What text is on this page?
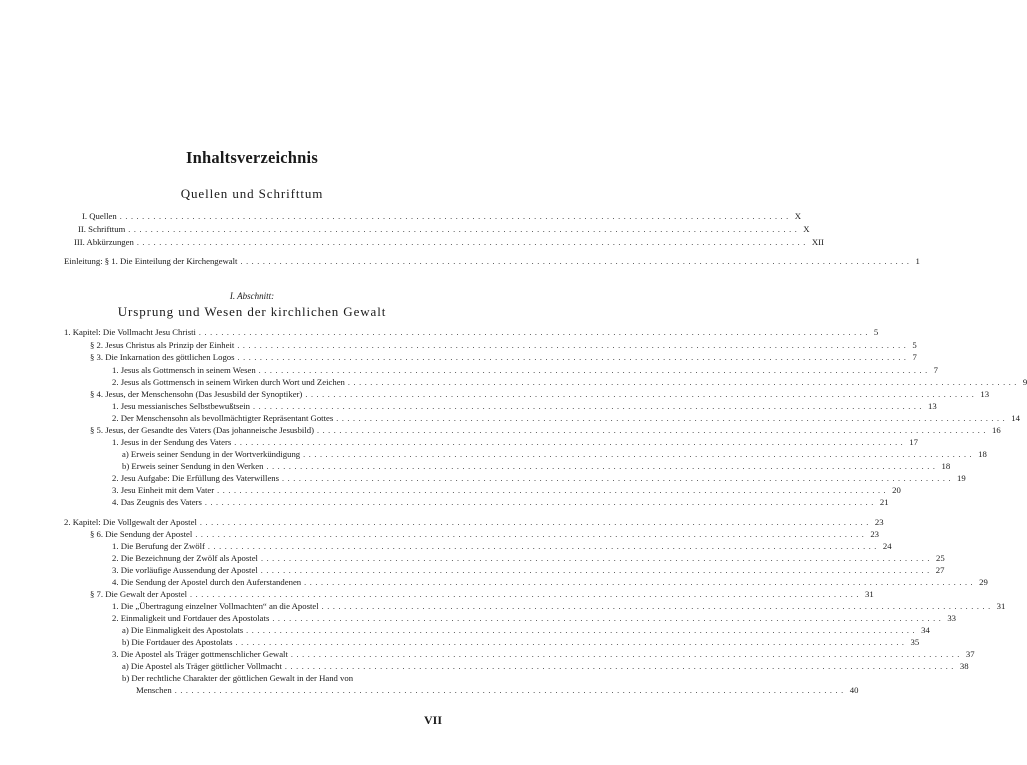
Inhaltsverzeichnis
Quellen und Schrifttum
I. Abschnitt:
Ursprung und Wesen der kirchlichen Gewalt
I. Quellen ........................................................................................................................ X
II. Schrifttum ........................................................................................................................ X
III. Abkürzungen ........................................................................................................................ XII
Einleitung: § 1. Die Einteilung der Kirchengewalt ........................................................................................................................ 1
1. Kapitel: Die Vollmacht Jesu Christi ........................................................................................................................ 5
§ 2. Jesus Christus als Prinzip der Einheit ........................................................................................................................ 5
§ 3. Die Inkarnation des göttlichen Logos ........................................................................................................................ 7
1. Jesus als Gottmensch in seinem Wesen ........................................................................................................................ 7
2. Jesus als Gottmensch in seinem Wirken durch Wort und Zeichen ........................................................................................................................ 9
§ 4. Jesus, der Menschensohn (Das Jesusbild der Synoptiker) ........................................................................................................................ 13
1. Jesu messianisches Selbstbewußtsein ........................................................................................................................ 13
2. Der Menschensohn als bevollmächtigter Repräsentant Gottes ........................................................................................................................ 14
§ 5. Jesus, der Gesandte des Vaters (Das johanneische Jesusbild) ........................................................................................................................ 16
1. Jesus in der Sendung des Vaters ........................................................................................................................ 17
a) Erweis seiner Sendung in der Wortverkündigung ........................................................................................................................ 18
b) Erweis seiner Sendung in den Werken ........................................................................................................................ 18
2. Jesu Aufgabe: Die Erfüllung des Vaterwillens ........................................................................................................................ 19
3. Jesu Einheit mit dem Vater ........................................................................................................................ 20
4. Das Zeugnis des Vaters ........................................................................................................................ 21
2. Kapitel: Die Vollgewalt der Apostel ........................................................................................................................ 23
§ 6. Die Sendung der Apostel ........................................................................................................................ 23
1. Die Berufung der Zwölf ........................................................................................................................ 24
2. Die Bezeichnung der Zwölf als Apostel ........................................................................................................................ 25
3. Die vorläufige Aussendung der Apostel ........................................................................................................................ 27
4. Die Sendung der Apostel durch den Auferstandenen ........................................................................................................................ 29
§ 7. Die Gewalt der Apostel ........................................................................................................................ 31
1. Die „Übertragung einzelner Vollmachten“ an die Apostel ........................................................................................................................ 31
2. Einmaligkeit und Fortdauer des Apostolats ........................................................................................................................ 33
a) Die Einmaligkeit des Apostolats ........................................................................................................................ 34
b) Die Fortdauer des Apostolats ........................................................................................................................ 35
3. Die Apostel als Träger gottmenschlicher Gewalt ........................................................................................................................ 37
a) Die Apostel als Träger göttlicher Vollmacht ........................................................................................................................ 38
b) Der rechtliche Charakter der göttlichen Gewalt in der Hand von
Menschen ........................................................................................................................ 40
VII
